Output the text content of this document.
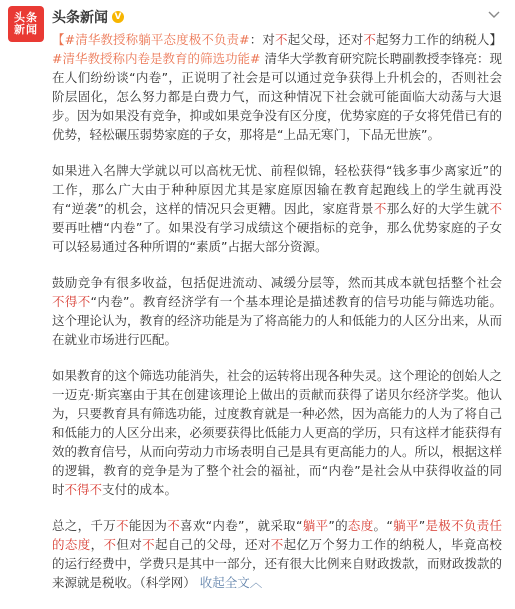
头条
新闻
头条新闻 V

【#清华教授称躺平态度极不负责#：对不起父母，还对不起努力工作的纳税人】#清华教授称内卷是教育的筛选功能# 清华大学教育研究院长聘副教授李锋亮：现在人们纷纷谈“内卷”，正说明了社会是可以通过竞争获得上升机会的，否则社会阶层固化，怎么努力都是白费力气，而这种情况下社会就可能面临大动荡与大退步。因为如果没有竞争，抑或如果竞争没有区分度，优势家庭的子女将凭借已有的优势，轻松碾压弱势家庭的子女，那将是“上品无寒门，下品无世族”。

如果进入名牌大学就以可以高枕无忧、前程似锦，轻松获得“钱多事少离家近”的工作，那么广大由于种种原因尤其是家庭原因输在教育起跑线上的学生就再没有“逆袭”的机会，这样的情况只会更糟。因此，家庭背景不那么好的大学生就不要再吐槽“内卷”了。如果没有学习成绩这个硬指标的竞争，那么优势家庭的子女可以轻易通过各种所谓的“素质”占据大部分资源。

鼓励竞争有很多收益，包括促进流动、减缓分层等，然而其成本就包括整个社会不得不“内卷”。教育经济学有一个基本理论是描述教育的信号功能与筛选功能。这个理论认为，教育的经济功能是为了将高能力的人和低能力的人区分出来，从而在就业市场进行匹配。

如果教育的这个筛选功能消失，社会的运转将出现各种失灵。这个理论的创始人之一迈克·斯宾塞由于其在创建该理论上做出的贡献而获得了诺贝尔经济学奖。他认为，只要教育具有筛选功能，过度教育就是一种必然，因为高能力的人为了将自己和低能力的人区分出来，必须要获得比低能力人更高的学历，只有这样才能获得有效的教育信号，从而向劳动力市场表明自己是具有更高能力的人。所以，根据这样的逻辑，教育的竞争是为了整个社会的福祉，而“内卷”是社会从中获得收益的同时不得不支付的成本。

总之，千万不能因为不喜欢“内卷”，就采取“躺平”的态度。“躺平”是极不负责任的态度，不但对不起自己的父母，还对不起亿万个努力工作的纳税人，毕竟高校的运行经费中，学费只是其中一部分，还有很大比例来自财政拨款，而财政拨款的来源就是税收。（科学网） 收起全文︿
